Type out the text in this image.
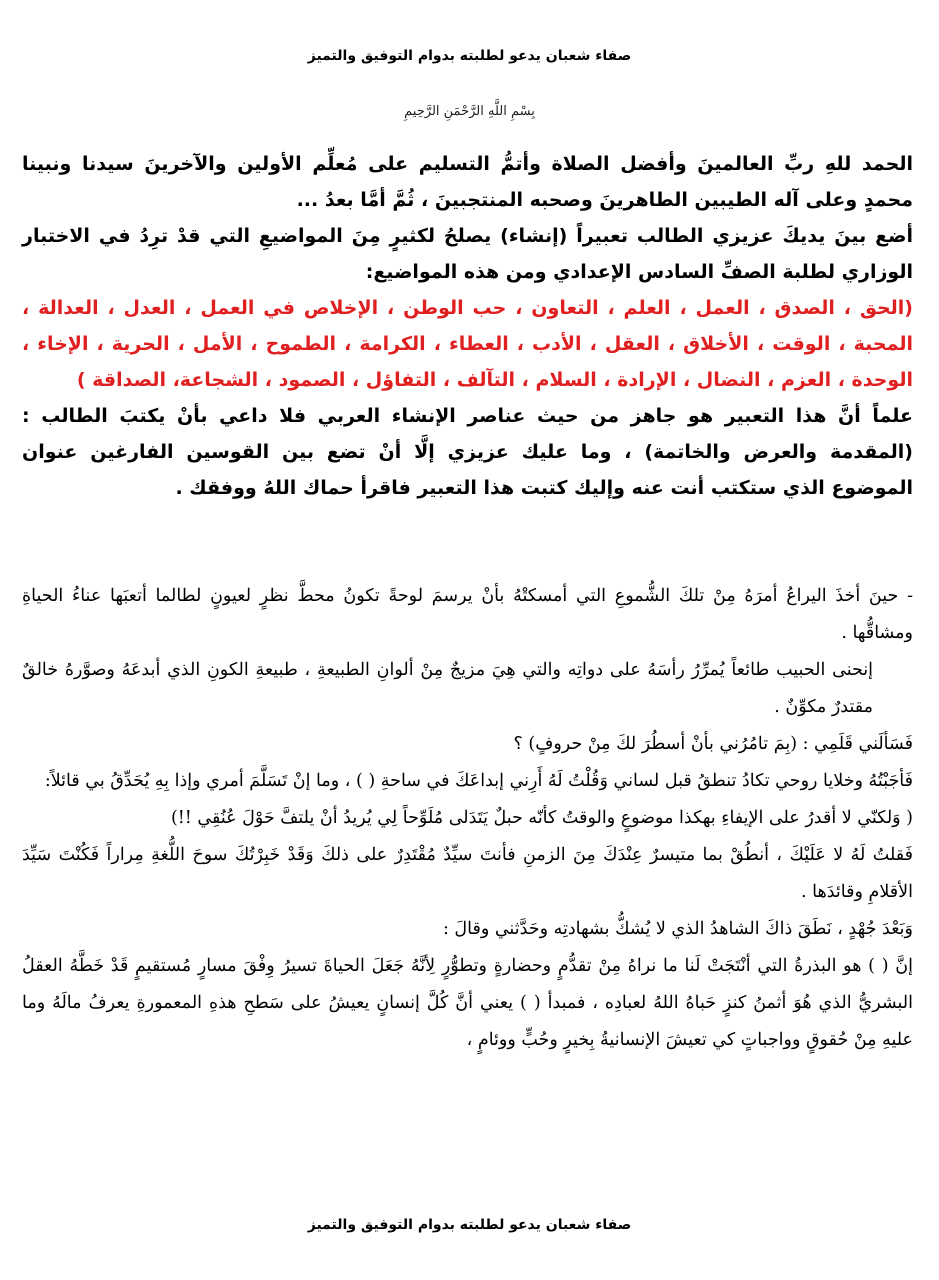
صفاء شعبان يدعو لطلبته بدوام التوفيق والتميز
بِسْمِ اللَّهِ الرَّحْمَنِ الرَّحِيمِ

الحمد للهِ ربِّ العالمينَ وأفضل الصلاة وأتمُّ التسليم على مُعلِّم الأولين والآخرينَ سيدنا ونبينا محمدٍ وعلى آله الطيبين الطاهرينَ وصحبه المنتجبينَ ، ثُمَّ أمَّا بعدُ ...

أضع بينَ يديكَ عزيزي الطالب تعبيراً (إنشاء) يصلحُ لكثيرٍ مِنَ المواضيعِ التي قدْ ترِدُ في الاختبار الوزاري لطلبة الصفِّ السادس الإعدادي ومن هذه المواضيع:

(الحق ، الصدق ، العمل ، العلم ، التعاون ، حب الوطن ، الإخلاص في العمل ، العدل ، العدالة ، المحبة ، الوقت ، الأخلاق ، العقل ، الأدب ، العطاء ، الكرامة ، الطموح ، الأمل ، الحرية ، الإخاء ، الوحدة ، العزم ، النضال ، الإرادة ، السلام ، التآلف ، التفاؤل ، الصمود ، الشجاعة، الصداقة )

علماً أنَّ هذا التعبير هو جاهز من حيث عناصر الإنشاء العربي فلا داعي بأنْ يكتبَ الطالب : (المقدمة والعرض والخاتمة) ، وما عليك عزيزي إلَّا أنْ تضع بين القوسين الفارغين عنوان الموضوع الذي ستكتب أنت عنه وإليك كتبت هذا التعبير فاقرأ حماك اللهُ ووفقك .

- حينَ أخذَ اليراعُ أمرَهُ مِنْ تلكَ الشُّموعِ التي أمسكتْهُ بأنْ يرسمَ لوحةً تكونُ محطَّ نظرٍ لعيونٍ لطالما أتعبَها عناءُ الحياةِ ومشاقُّها .

إنحنى الحبيب طائعاً يُمرِّرُ رأسَهُ على دواتِه والتي هِيَ مزيجٌ مِنْ ألوانِ الطبيعةِ ، طبيعةِ الكونِ الذي أبدعَهُ وصوَّرهُ خالقٌ مقتدرٌ مكوِّنٌ .

فَسَألَني قَلَمِي : (بِمَ تامُرُني بأنْ أسطُرَ لكَ مِنْ حروفٍ) ؟

فَأجَبْتُهُ وخلايا روحي تكادُ تنطقُ قبل لساني وَقُلْتُ لَهُ أَرِني إبداعَكَ في ساحةِ ( ) ، وما إنْ تَسَلَّمَ أمري وإذا بِهِ يُحَدِّقُ بي قائلاً:

( وَلكنّي لا أقدرُ على الإيفاءِ بهكذا موضوعٍ والوقتُ كأنّه حبلٌ يَتَدَلى مُلَوِّحاً لِي يُريدُ أنْ يلتفَّ حَوْلَ عُنُقِي !!)

فَقلتُ لَهُ لا عَلَيْكَ ، أنطُقْ بما متيسرٌ عِنْدَكَ مِنَ الزمنِ فأنتَ سيِّدٌ مُقْتَدِرٌ على ذلكَ وَقَدْ خَبِرْتُكَ سوحَ اللُّغةِ مِراراً فَكُنْتَ سَيِّدَ الأقلامِ وقائدَها .

وَبَعْدَ جُهْدٍ ، نَطَقَ ذاكَ الشاهدُ الذي لا يُشكُّ بشهادتِه وحَدَّثني وقالَ :

إنَّ ( ) هو البذرةُ التي أنْتَجَتْ لَنا ما نراهُ مِنْ تقدُّمٍ وحضارةٍ وتطوُّرٍ لِأنَّهُ جَعَلَ الحياةَ تسيرُ وِفْقَ مسارٍ مُستقيمٍ قَدْ خَطَّهُ العقلُ البشريُّ الذي هُوَ أثمنُ كنزٍ حَباهُ اللهُ لعبادِه ، فمبدأ ( ) يعني أنَّ كُلَّ إنسانٍ يعيشُ على سَطحِ هذهِ المعمورةِ يعرفُ مالَهُ وما عليهِ مِنْ حُقوقٍ وواجباتٍ كي تعيشَ الإنسانيةُ بِخيرٍ وحُبٍّ ووئامٍ ،

صفاء شعبان يدعو لطلبته بدوام التوفيق والتميز
